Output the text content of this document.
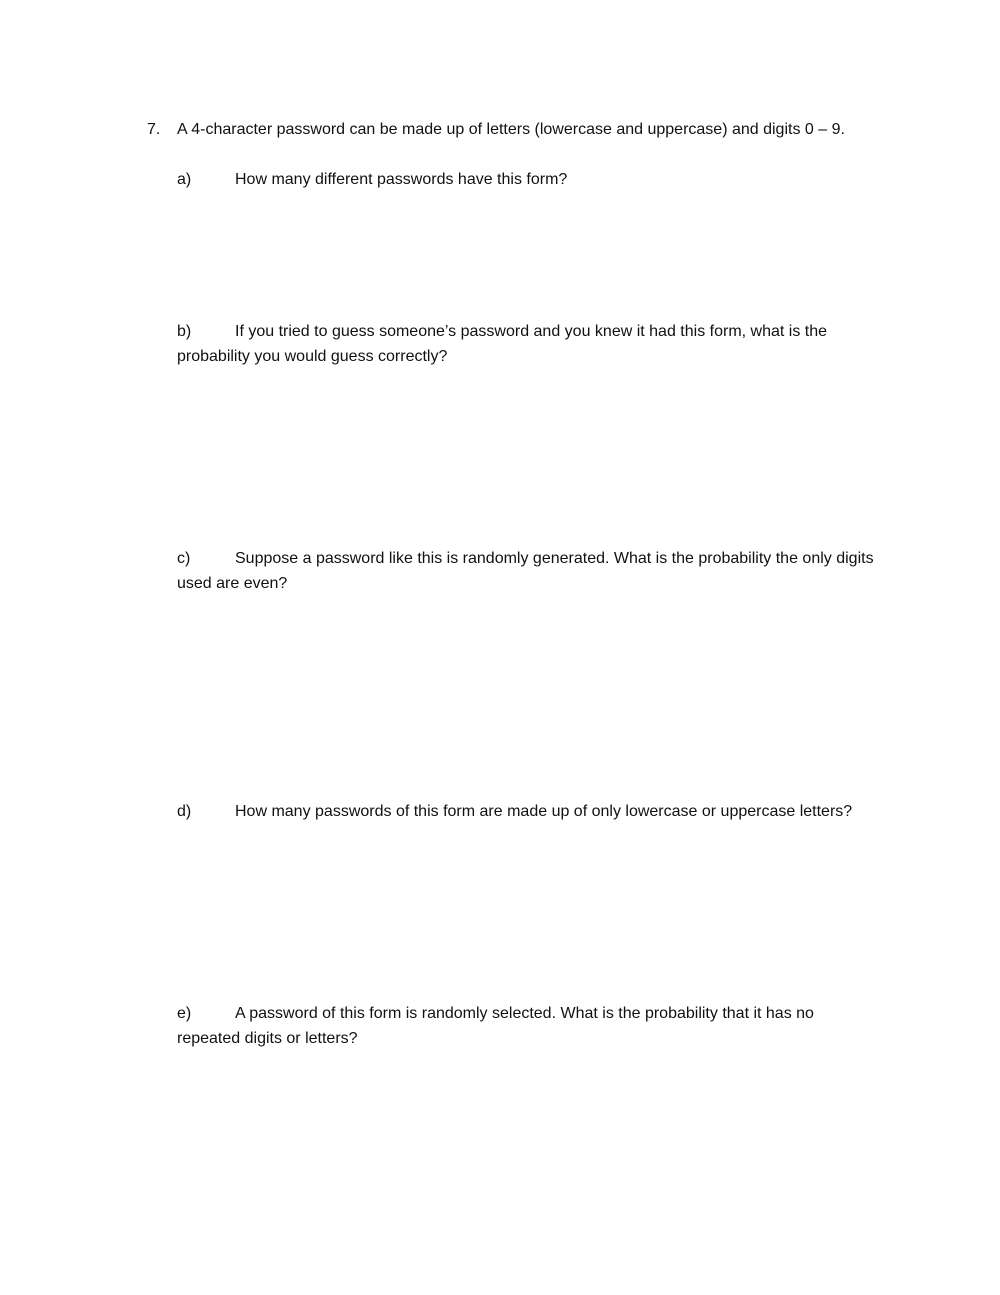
7. A 4-character password can be made up of letters (lowercase and uppercase) and digits 0 – 9.
a)	How many different passwords have this form?
b)	If you tried to guess someone’s password and you knew it had this form, what is the probability you would guess correctly?
c)	Suppose a password like this is randomly generated. What is the probability the only digits used are even?
d)	How many passwords of this form are made up of only lowercase or uppercase letters?
e)	A password of this form is randomly selected. What is the probability that it has no repeated digits or letters?
